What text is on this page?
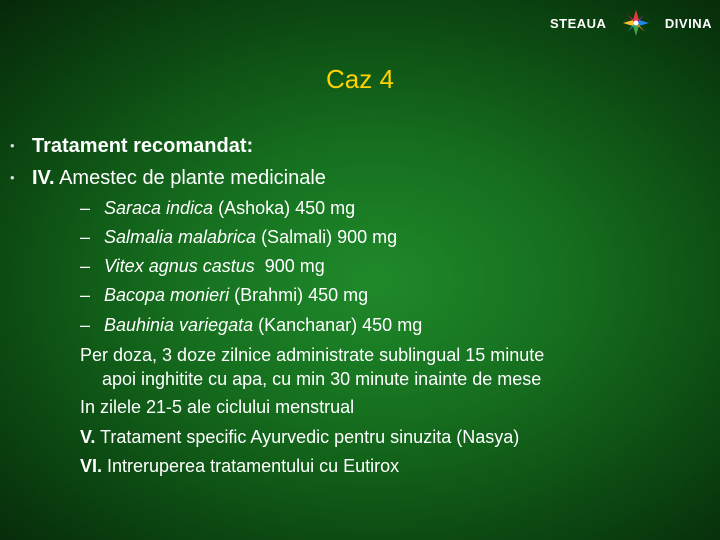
STEAUA	DIVINA
Caz 4
• Tratament recomandat:
• IV. Amestec de plante medicinale
– Saraca indica (Ashoka) 450 mg
– Salmalia malabrica (Salmali) 900 mg
– Vitex agnus castus  900 mg
– Bacopa monieri (Brahmi) 450 mg
– Bauhinia variegata (Kanchanar) 450 mg
Per doza, 3 doze zilnice administrate sublingual 15 minute
apoi inghitite cu apa, cu min 30 minute inainte de mese
In zilele 21-5 ale ciclului menstrual
V. Tratament specific Ayurvedic pentru sinuzita (Nasya)
VI. Intreruperea tratamentului cu Eutirox
